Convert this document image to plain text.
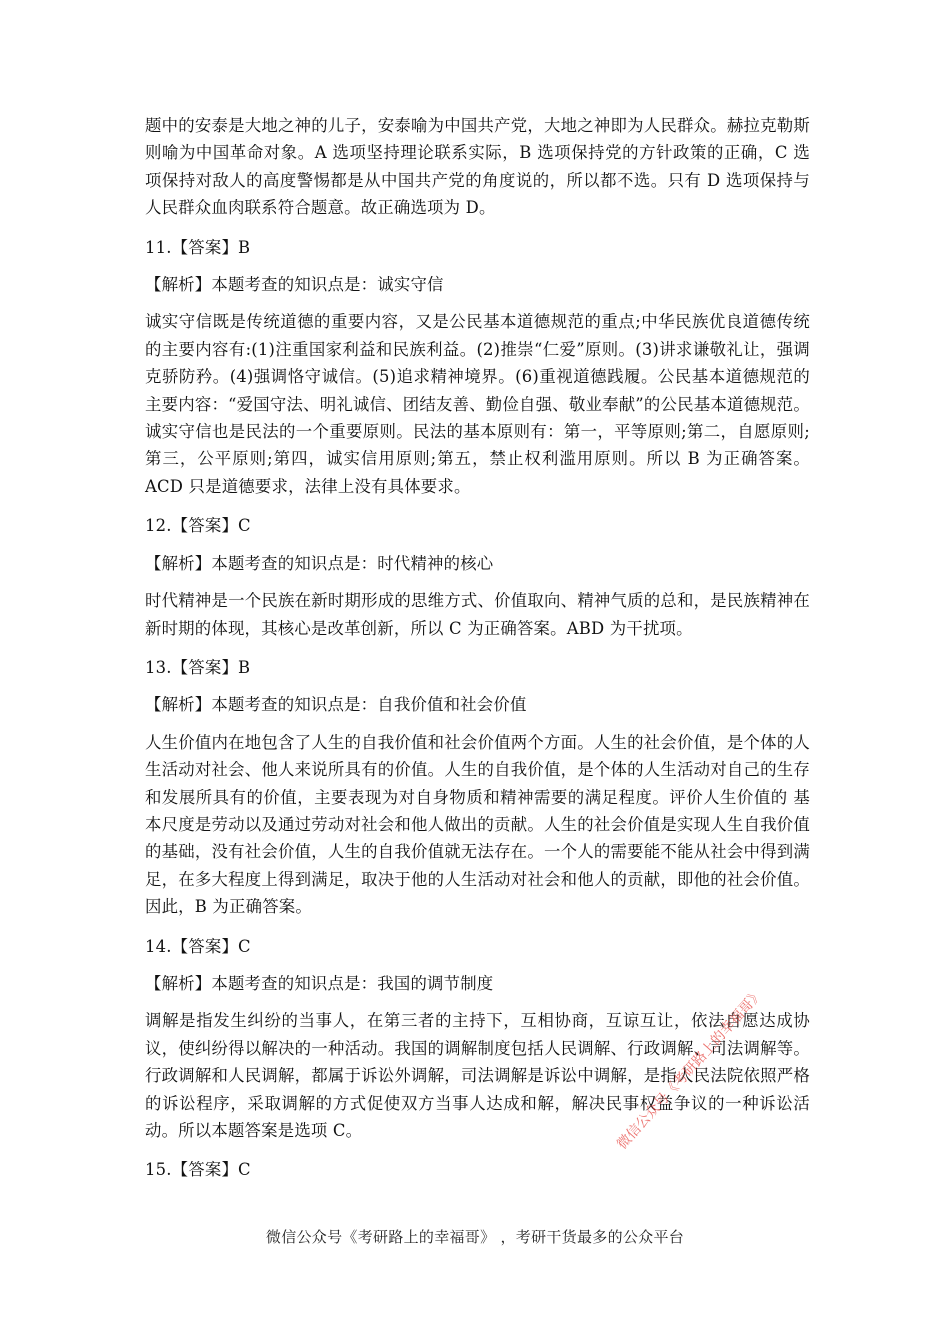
题中的安泰是大地之神的儿子，安泰喻为中国共产党，大地之神即为人民群众。赫拉克勒斯则喻为中国革命对象。A 选项坚持理论联系实际，B 选项保持党的方针政策的正确，C 选项保持对敌人的高度警惕都是从中国共产党的角度说的，所以都不选。只有 D 选项保持与人民群众血肉联系符合题意。故正确选项为 D。

11.【答案】B

【解析】本题考查的知识点是：诚实守信

诚实守信既是传统道德的重要内容，又是公民基本道德规范的重点;中华民族优良道德传统的主要内容有:(1)注重国家利益和民族利益。(2)推崇“仁爱”原则。(3)讲求谦敬礼让，强调克骄防矜。(4)强调恪守诚信。(5)追求精神境界。(6)重视道德践履。公民基本道德规范的主要内容：“爱国守法、明礼诚信、团结友善、勤俭自强、敬业奉献”的公民基本道德规范。诚实守信也是民法的一个重要原则。民法的基本原则有：第一，平等原则;第二，自愿原则;第三，公平原则;第四，诚实信用原则;第五，禁止权利滥用原则。所以 B 为正确答案。ACD 只是道德要求，法律上没有具体要求。

12.【答案】C

【解析】本题考查的知识点是：时代精神的核心

时代精神是一个民族在新时期形成的思维方式、价值取向、精神气质的总和，是民族精神在新时期的体现，其核心是改革创新，所以 C 为正确答案。ABD 为干扰项。

13.【答案】B

【解析】本题考查的知识点是：自我价值和社会价值

人生价值内在地包含了人生的自我价值和社会价值两个方面。人生的社会价值，是个体的人生活动对社会、他人来说所具有的价值。人生的自我价值，是个体的人生活动对自己的生存和发展所具有的价值，主要表现为对自身物质和精神需要的满足程度。评价人生价值的 基本尺度是劳动以及通过劳动对社会和他人做出的贡献。人生的社会价值是实现人生自我价值的基础，没有社会价值，人生的自我价值就无法存在。一个人的需要能不能从社会中得到满足，在多大程度上得到满足，取决于他的人生活动对社会和他人的贡献，即他的社会价值。因此，B 为正确答案。

14.【答案】C

【解析】本题考查的知识点是：我国的调节制度

调解是指发生纠纷的当事人，在第三者的主持下，互相协商，互谅互让，依法自愿达成协议，使纠纷得以解决的一种活动。我国的调解制度包括人民调解、行政调解、司法调解等。行政调解和人民调解，都属于诉讼外调解，司法调解是诉讼中调解，是指人民法院依照严格的诉讼程序，采取调解的方式促使双方当事人达成和解，解决民事权益争议的一种诉讼活动。所以本题答案是选项 C。

15.【答案】C

微信公众号《考研路上的幸福哥》
微信公众号《考研路上的幸福哥》 ，考研干货最多的公众平台
